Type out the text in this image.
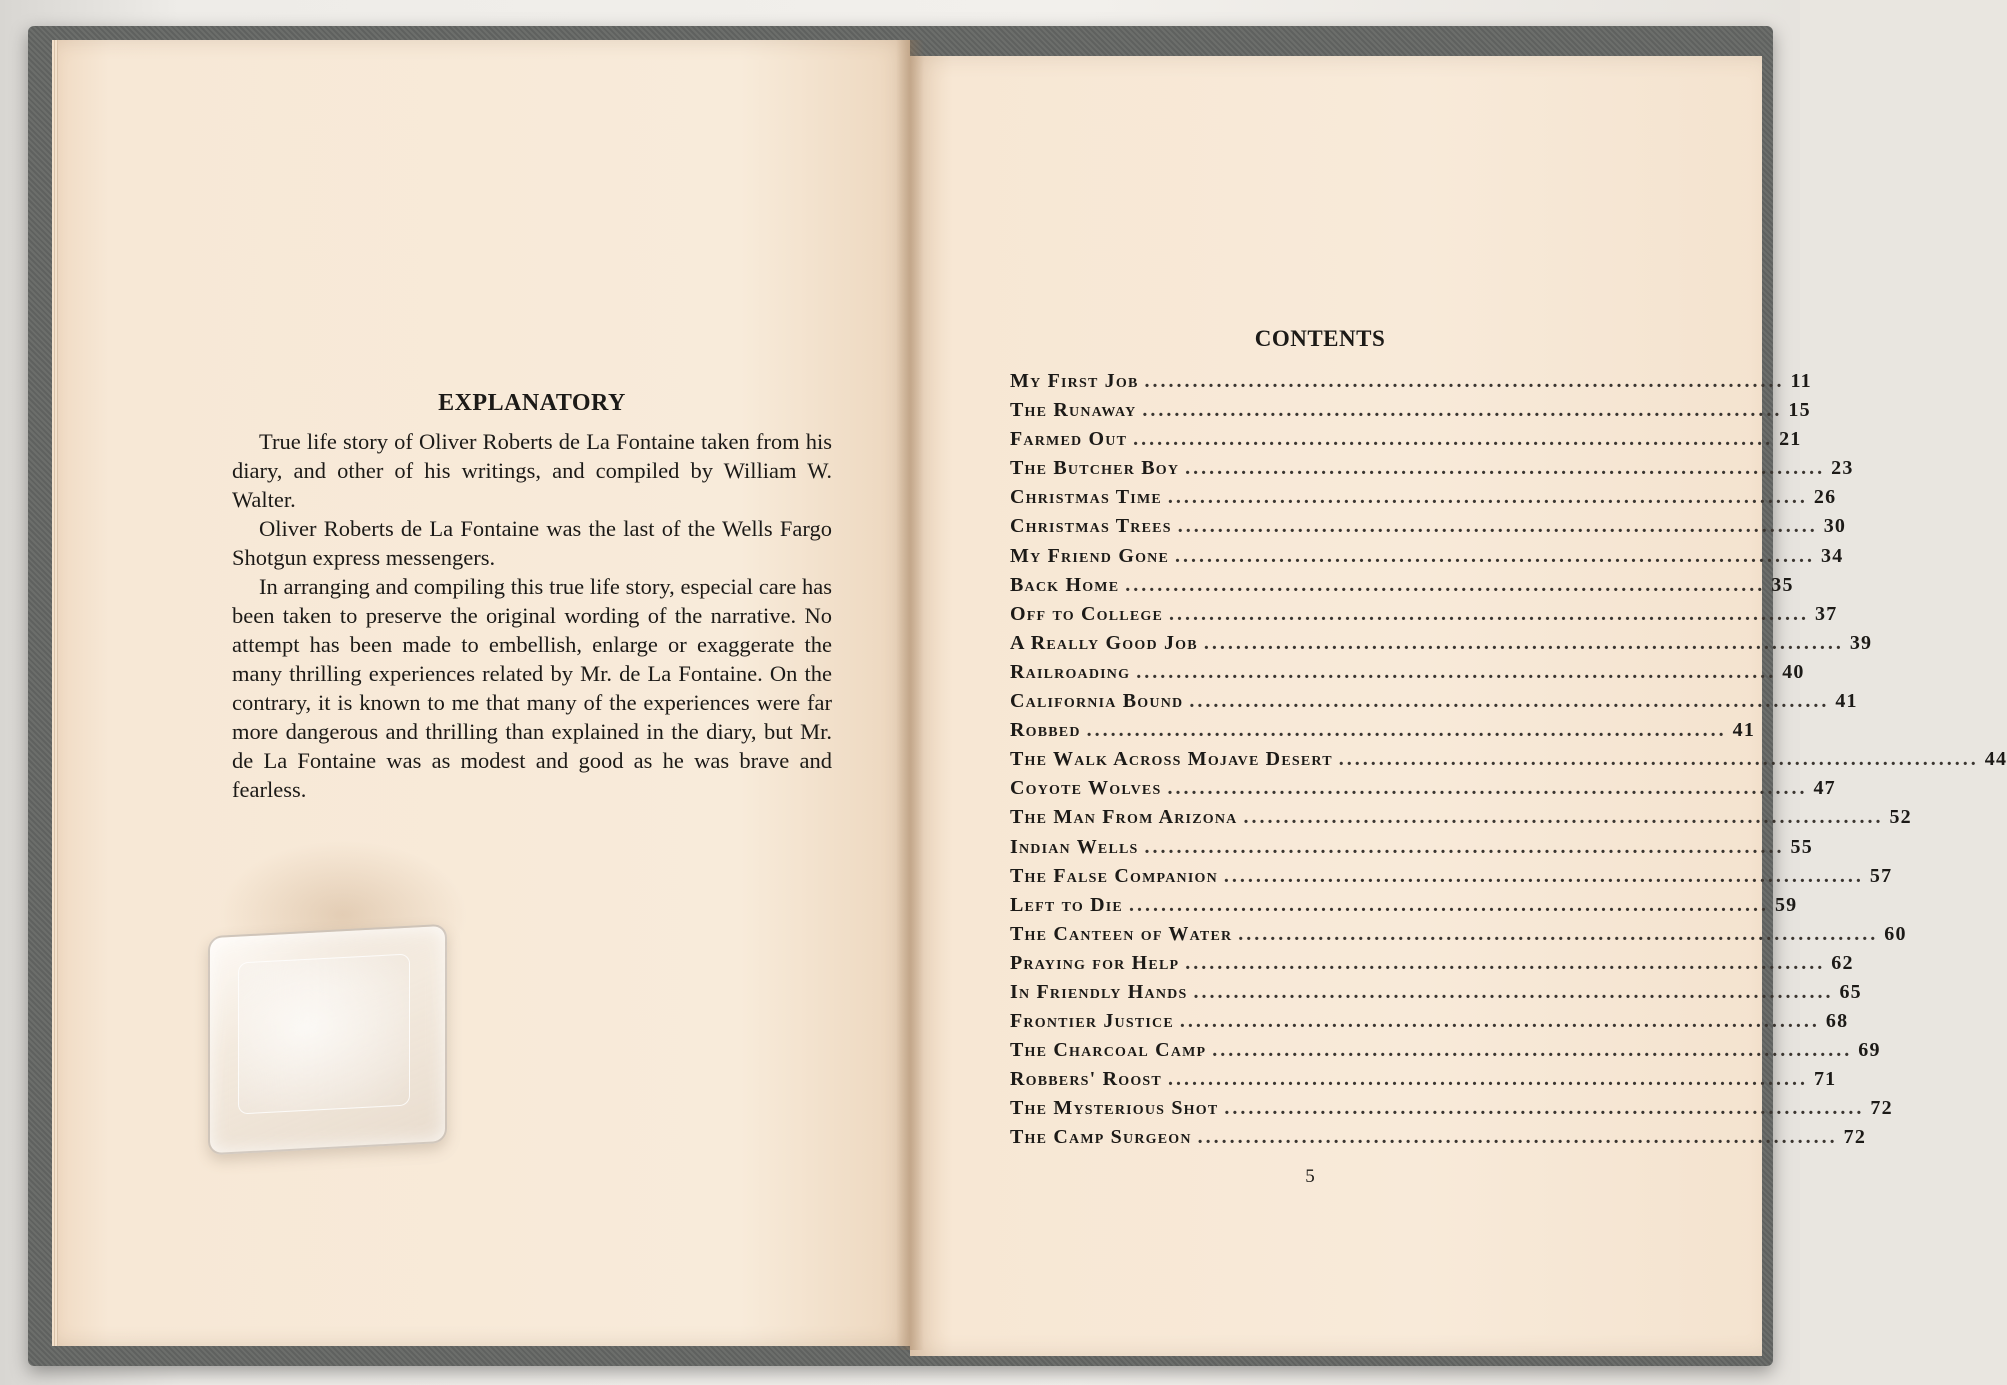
EXPLANATORY

True life story of Oliver Roberts de La Fontaine taken from his diary, and other of his writings, and compiled by William W. Walter.

Oliver Roberts de La Fontaine was the last of the Wells Fargo Shotgun express messengers.

In arranging and compiling this true life story, especial care has been taken to preserve the original wording of the narrative. No attempt has been made to embellish, enlarge or exaggerate the many thrilling experiences related by Mr. de La Fontaine. On the contrary, it is known to me that many of the experiences were far more dangerous and thrilling than explained in the diary, but Mr. de La Fontaine was as modest and good as he was brave and fearless.

CONTENTS
My First Job ................................................................................ 11
The Runaway ................................................................................ 15
Farmed Out ................................................................................ 21
The Butcher Boy ................................................................................ 23
Christmas Time ................................................................................ 26
Christmas Trees ................................................................................ 30
My Friend Gone ................................................................................ 34
Back Home ................................................................................ 35
Off to College ................................................................................ 37
A Really Good Job ................................................................................ 39
Railroading ................................................................................ 40
California Bound ................................................................................ 41
Robbed ................................................................................ 41
The Walk Across Mojave Desert ................................................................................ 44
Coyote Wolves ................................................................................ 47
The Man From Arizona ................................................................................ 52
Indian Wells ................................................................................ 55
The False Companion ................................................................................ 57
Left to Die ................................................................................ 59
The Canteen of Water ................................................................................ 60
Praying for Help ................................................................................ 62
In Friendly Hands ................................................................................ 65
Frontier Justice ................................................................................ 68
The Charcoal Camp ................................................................................ 69
Robbers' Roost ................................................................................ 71
The Mysterious Shot ................................................................................ 72
The Camp Surgeon ................................................................................ 72
5
